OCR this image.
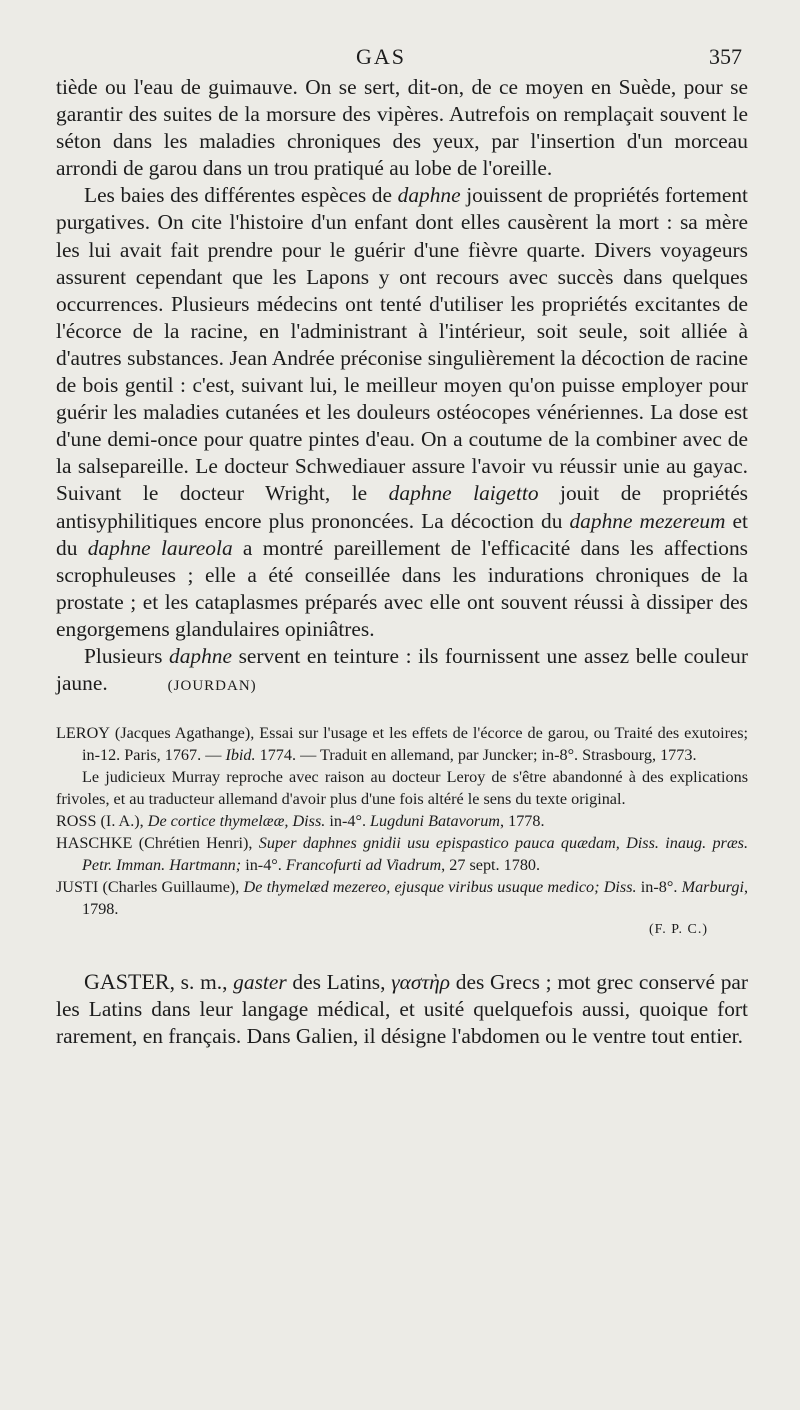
GAS	357

tiède ou l'eau de guimauve. On se sert, dit-on, de ce moyen en Suède, pour se garantir des suites de la morsure des vipères. Autrefois on remplaçait souvent le séton dans les maladies chroniques des yeux, par l'insertion d'un morceau arrondi de garou dans un trou pratiqué au lobe de l'oreille.

Les baies des différentes espèces de daphne jouissent de propriétés fortement purgatives. On cite l'histoire d'un enfant dont elles causèrent la mort : sa mère les lui avait fait prendre pour le guérir d'une fièvre quarte. Divers voyageurs assurent cependant que les Lapons y ont recours avec succès dans quelques occurrences. Plusieurs médecins ont tenté d'utiliser les propriétés excitantes de l'écorce de la racine, en l'administrant à l'intérieur, soit seule, soit alliée à d'autres substances. Jean Andrée préconise singulièrement la décoction de racine de bois gentil : c'est, suivant lui, le meilleur moyen qu'on puisse employer pour guérir les maladies cutanées et les douleurs ostéocopes vénériennes. La dose est d'une demi-once pour quatre pintes d'eau. On a coutume de la combiner avec de la salsepareille. Le docteur Schwediauer assure l'avoir vu réussir unie au gayac. Suivant le docteur Wright, le daphne laigetto jouit de propriétés antisyphilitiques encore plus prononcées. La décoction du daphne mezereum et du daphne laureola a montré pareillement de l'efficacité dans les affections scrophuleuses ; elle a été conseillée dans les indurations chroniques de la prostate ; et les cataplasmes préparés avec elle ont souvent réussi à dissiper des engorgemens glandulaires opiniâtres.

Plusieurs daphne servent en teinture : ils fournissent une assez belle couleur jaune.	(JOURDAN)

LEROY (Jacques Agathange), Essai sur l'usage et les effets de l'écorce de garou, ou Traité des exutoires; in-12. Paris, 1767. — Ibid. 1774. — Traduit en allemand, par Juncker; in-8°. Strasbourg, 1773.

Le judicieux Murray reproche avec raison au docteur Leroy de s'être abandonné à des explications frivoles, et au traducteur allemand d'avoir plus d'une fois altéré le sens du texte original.

ROSS (I. A.), De cortice thymelææ, Diss. in-4°. Lugduni Batavorum, 1778.

HASCHKE (Chrétien Henri), Super daphnes gnidii usu epispastico pauca quædam, Diss. inaug. præs. Petr. Imman. Hartmann; in-4°. Francofurti ad Viadrum, 27 sept. 1780.

JUSTI (Charles Guillaume), De thymelæd mezereo, ejusque viribus usuque medico; Diss. in-8°. Marburgi, 1798.

(F. P. C.)

GASTER, s. m., gaster des Latins, γαστὴρ des Grecs ; mot grec conservé par les Latins dans leur langage médical, et usité quelquefois aussi, quoique fort rarement, en français. Dans Galien, il désigne l'abdomen ou le ventre tout entier.
